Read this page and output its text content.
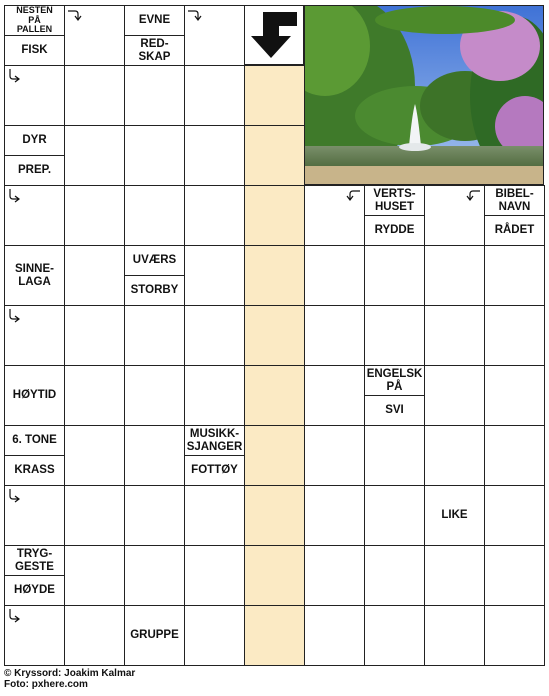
NESTEN
PÅ
PALLEN
FISK
EVNE
RED-
SKAP
DYR
PREP.
VERTS-
HUSET
RYDDE
BIBEL-
NAVN
RÅDET
SINNE-
LAGA
UVÆRS
STORBY
HØYTID
ENGELSK
PÅ
SVI
6. TONE
KRASS
MUSIKK-
SJANGER
FOTTØY
LIKE
TRYG-
GESTE
HØYDE
GRUPPE
© Kryssord: Joakim Kalmar
Foto: pxhere.com
